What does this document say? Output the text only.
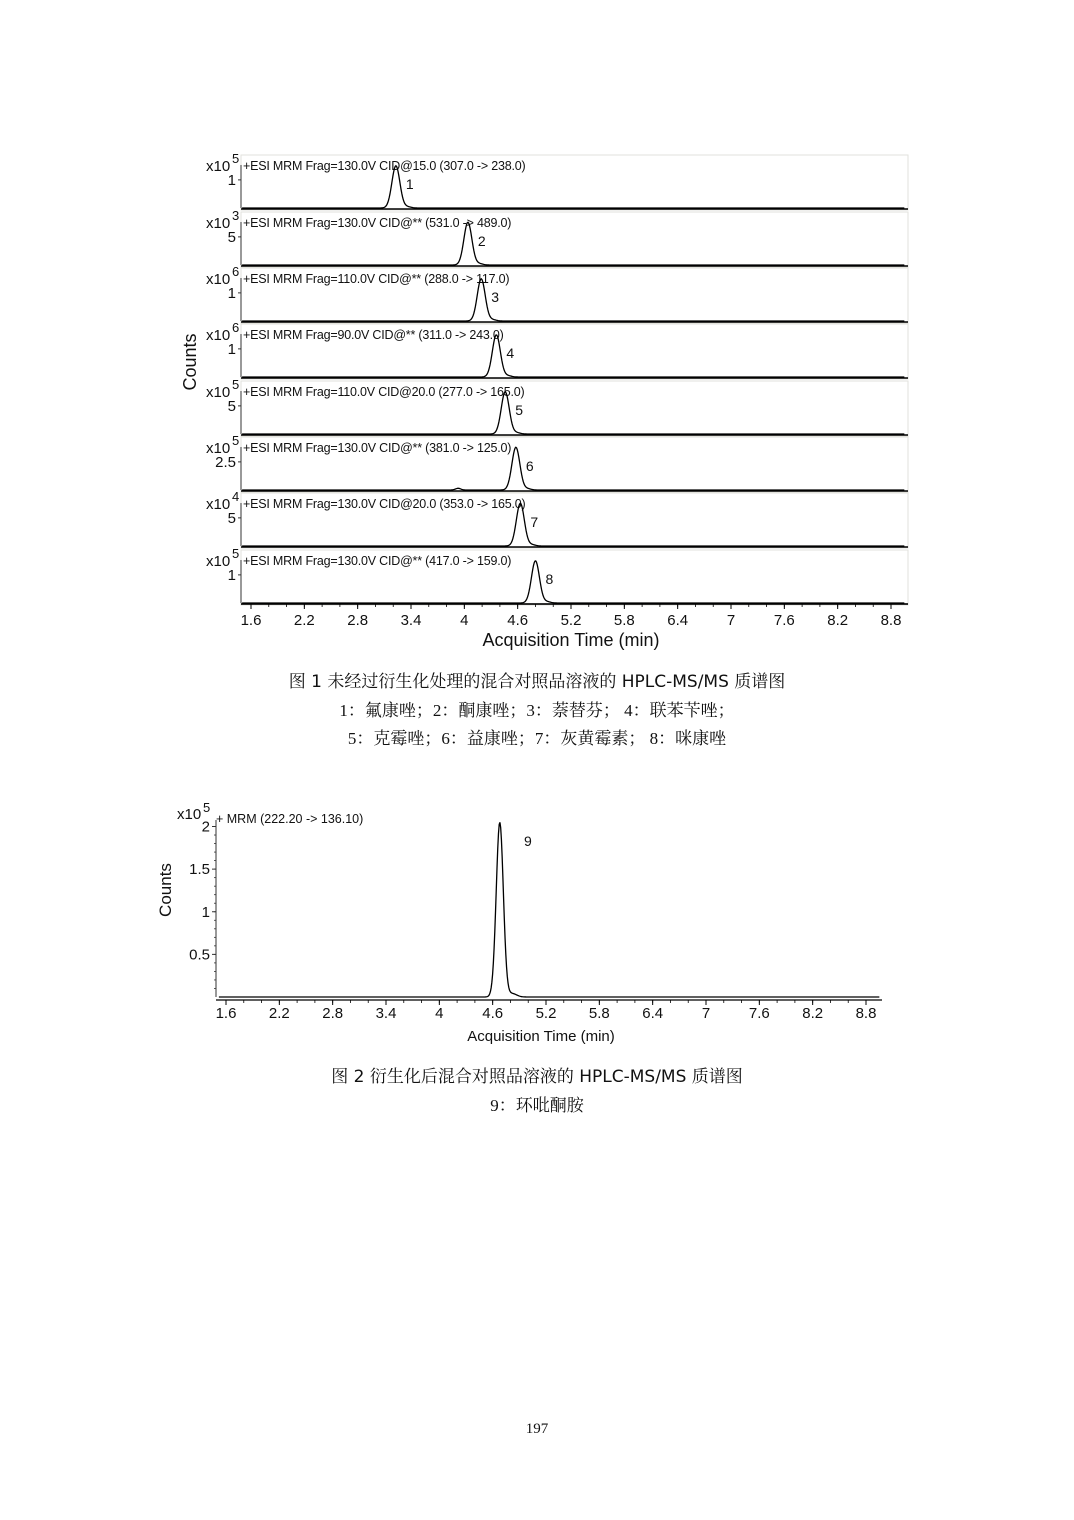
Counts
1
x10 5 +ESI MRM Frag=130.0V CID@15.0 (307.0 -> 238.0)
1
5
x10 3 +ESI MRM Frag=130.0V CID@** (531.0 -> 489.0)
2
1
x10 6 +ESI MRM Frag=110.0V CID@** (288.0 -> 117.0)
3
1
x10 6 +ESI MRM Frag=90.0V CID@** (311.0 -> 243.0)
4
5
x10 5 +ESI MRM Frag=110.0V CID@20.0 (277.0 -> 165.0)
5
2.5
x10 5 +ESI MRM Frag=130.0V CID@** (381.0 -> 125.0)
6
5
x10 4 +ESI MRM Frag=130.0V CID@20.0 (353.0 -> 165.0)
7
1
x10 5 +ESI MRM Frag=130.0V CID@** (417.0 -> 159.0)
8
1.6 2.2 2.8 3.4	4	4.6 5.2 5.8 6.4	7	7.6 8.2 8.8
Acquisition Time (min)
图 1 未经过衍生化处理的混合对照品溶液的 HPLC-MS/MS 质谱图
1：氟康唑；2：酮康唑；3：萘替芬； 4：联苯苄唑；
5：克霉唑；6：益康唑；7：灰黄霉素； 8：咪康唑
Counts
x10 5
+ MRM (222.20 -> 136.10)
9
0.5
1
1.5
2
1.6 2.2 2.8 3.4	4	4.6 5.2 5.8 6.4	7	7.6 8.2 8.8
Acquisition Time (min)
图 2 衍生化后混合对照品溶液的 HPLC-MS/MS 质谱图
9：环吡酮胺
197
